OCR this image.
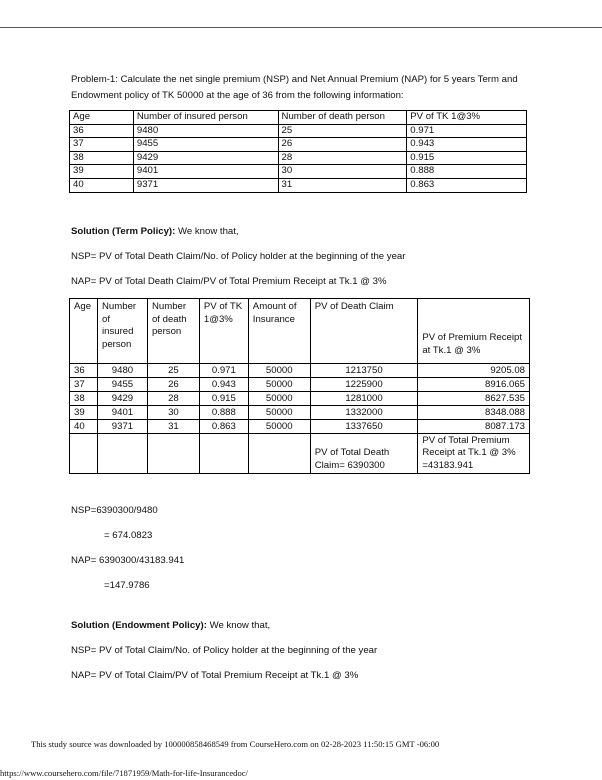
Problem-1: Calculate the net single premium (NSP) and Net Annual Premium (NAP) for 5 years Term and Endowment policy of TK 50000 at the age of 36 from the following information:

Age	Number of insured person	Number of death person	PV of TK 1@3%
36	9480	25	0.971
37	9455	26	0.943
38	9429	28	0.915
39	9401	30	0.888
40	9371	31	0.863

Solution (Term Policy): We know that,

NSP= PV of Total Death Claim/No. of Policy holder at the beginning of the year

NAP= PV of Total Death Claim/PV of Total Premium Receipt at Tk.1 @ 3%

Age	Number of insured person	Number of death person	PV of TK 1@3%	Amount of Insurance	PV of Death Claim	PV of Premium Receipt at Tk.1 @ 3%

36	9480	25	0.971	50000	1213750	9205.08
37	9455	26	0.943	50000	1225900	8916.065
38	9429	28	0.915	50000	1281000	8627.535
39	9401	30	0.888	50000	1332000	8348.088
40	9371	31	0.863	50000	1337650	8087.173
					PV of Total Death Claim= 6390300	PV of Total Premium Receipt at Tk.1 @ 3% =43183.941

NSP=6390300/9480

= 674.0823

NAP= 6390300/43183.941

=147.9786

Solution (Endowment Policy): We know that,

NSP= PV of Total Claim/No. of Policy holder at the beginning of the year

NAP= PV of Total Claim/PV of Total Premium Receipt at Tk.1 @ 3%

This study source was downloaded by 100000858468549 from CourseHero.com on 02-28-2023 11:50:15 GMT -06:00
https://www.coursehero.com/file/71871959/Math-for-life-Insurancedoc/
